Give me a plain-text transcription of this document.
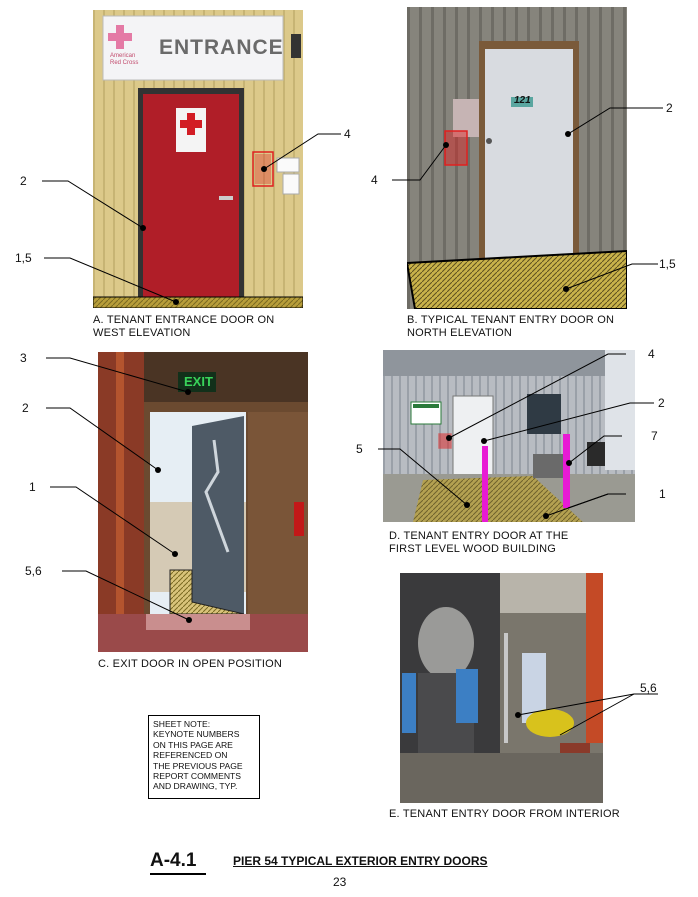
ENTRANCE
American
Red Cross
A. TENANT ENTRANCE DOOR ON
WEST ELEVATION
121
B. TYPICAL TENANT ENTRY DOOR ON
NORTH ELEVATION
EXIT
C. EXIT DOOR IN OPEN POSITION
D. TENANT ENTRY DOOR AT THE
FIRST LEVEL WOOD BUILDING
E. TENANT ENTRY DOOR FROM INTERIOR
2
4
1,5
2
4
1,5
3
2
1
5,6
4
2
5
7
1
5,6
SHEET NOTE:
KEYNOTE NUMBERS
ON THIS PAGE ARE
REFERENCED ON
THE PREVIOUS PAGE
REPORT COMMENTS
AND DRAWING, TYP.
A-4.1	PIER 54 TYPICAL EXTERIOR ENTRY DOORS
23
